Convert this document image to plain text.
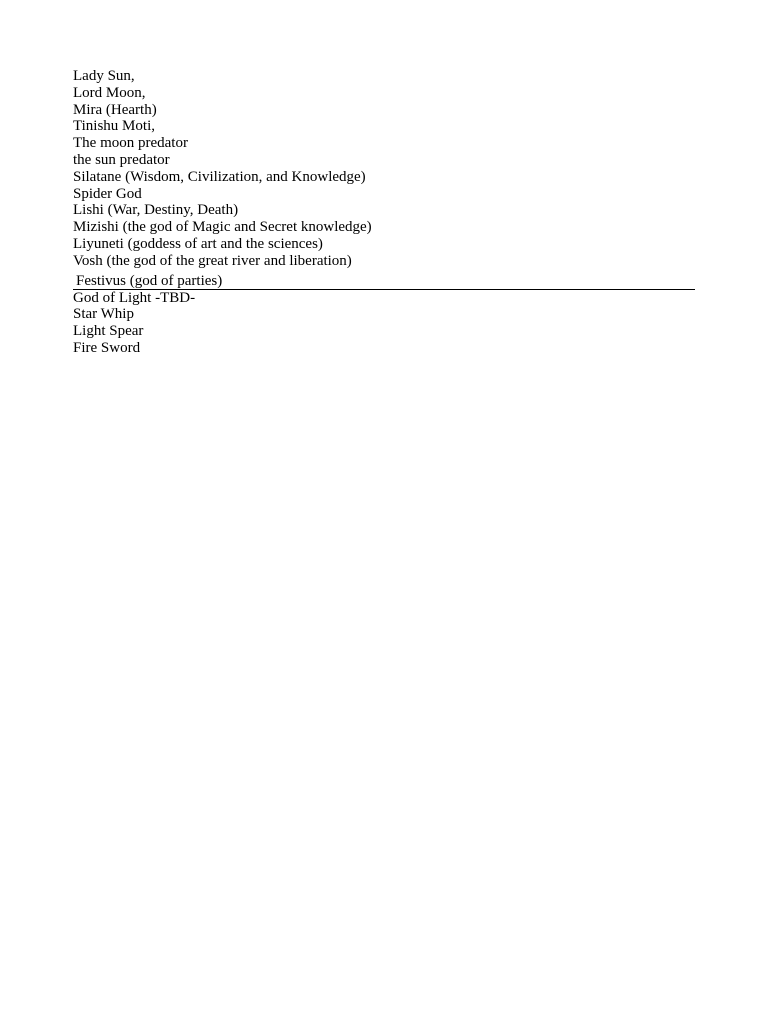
Lady Sun,
Lord Moon,
Mira (Hearth)
Tinishu Moti,
The moon predator
the sun predator
Silatane (Wisdom, Civilization, and Knowledge)
Spider God
Lishi (War, Destiny, Death)
Mizishi (the god of Magic and Secret knowledge)
Liyuneti (goddess of art and the sciences)
Vosh (the god of the great river and liberation)
Festivus (god of parties)
God of Light -TBD-
Star Whip
Light Spear
Fire Sword
